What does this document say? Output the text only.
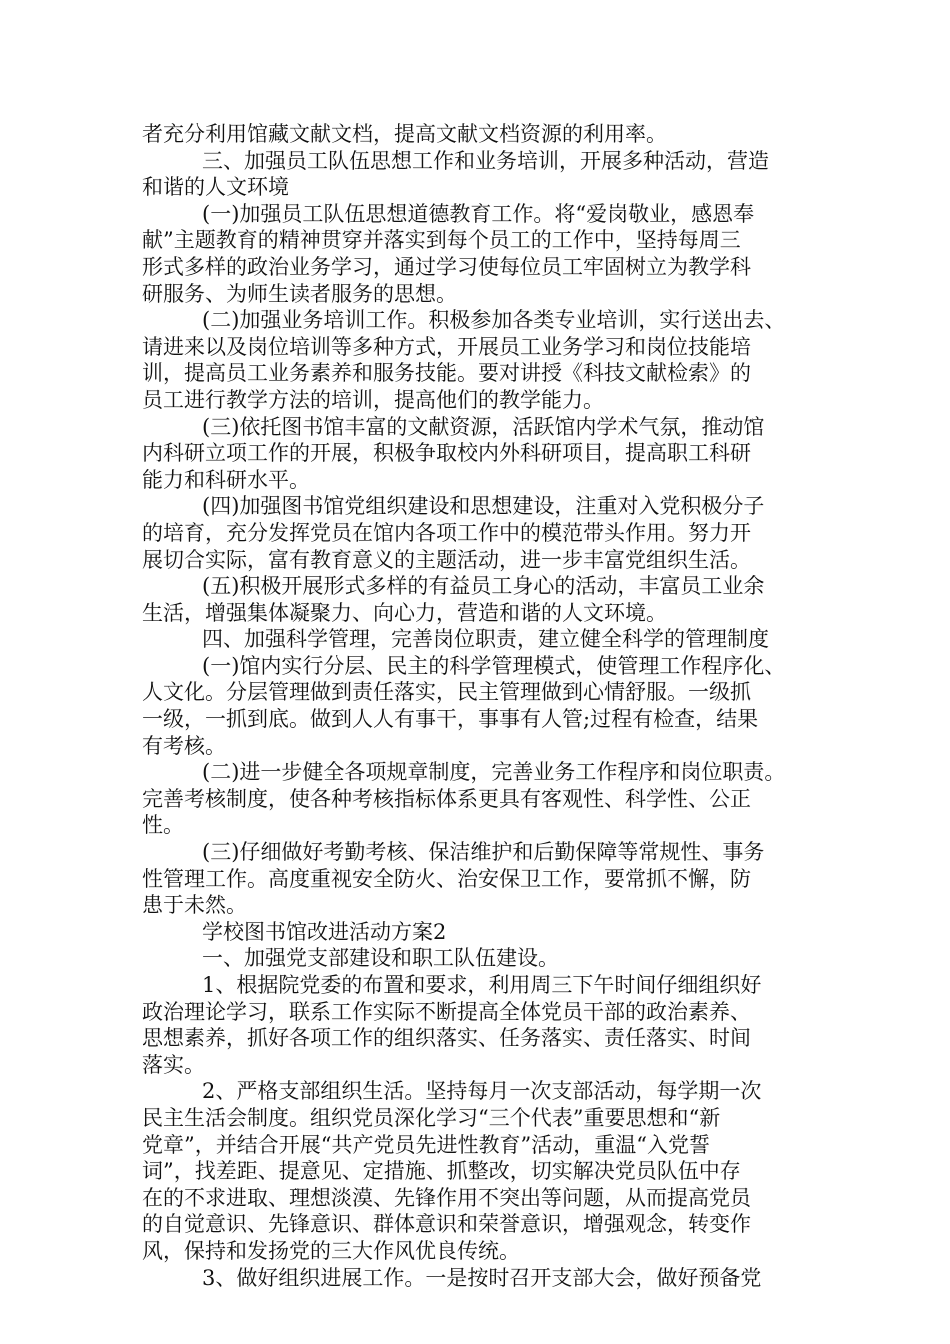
者充分利用馆藏文献文档，提高文献文档资源的利用率。
三、加强员工队伍思想工作和业务培训，开展多种活动，营造
和谐的人文环境
(一)加强员工队伍思想道德教育工作。将“爱岗敬业，感恩奉
献”主题教育的精神贯穿并落实到每个员工的工作中，坚持每周三
形式多样的政治业务学习，通过学习使每位员工牢固树立为教学科
研服务、为师生读者服务的思想。
(二)加强业务培训工作。积极参加各类专业培训，实行送出去、
请进来以及岗位培训等多种方式，开展员工业务学习和岗位技能培
训，提高员工业务素养和服务技能。要对讲授《科技文献检索》的
员工进行教学方法的培训，提高他们的教学能力。
(三)依托图书馆丰富的文献资源，活跃馆内学术气氛，推动馆
内科研立项工作的开展，积极争取校内外科研项目，提高职工科研
能力和科研水平。
(四)加强图书馆党组织建设和思想建设，注重对入党积极分子
的培育，充分发挥党员在馆内各项工作中的模范带头作用。努力开
展切合实际，富有教育意义的主题活动，进一步丰富党组织生活。
(五)积极开展形式多样的有益员工身心的活动，丰富员工业余
生活，增强集体凝聚力、向心力，营造和谐的人文环境。
四、加强科学管理，完善岗位职责，建立健全科学的管理制度
(一)馆内实行分层、民主的科学管理模式，使管理工作程序化、
人文化。分层管理做到责任落实，民主管理做到心情舒服。一级抓
一级，一抓到底。做到人人有事干，事事有人管;过程有检查，结果
有考核。
(二)进一步健全各项规章制度，完善业务工作程序和岗位职责。
完善考核制度，使各种考核指标体系更具有客观性、科学性、公正
性。
(三)仔细做好考勤考核、保洁维护和后勤保障等常规性、事务
性管理工作。高度重视安全防火、治安保卫工作，要常抓不懈，防
患于未然。
学校图书馆改进活动方案2
一、加强党支部建设和职工队伍建设。
1、根据院党委的布置和要求，利用周三下午时间仔细组织好
政治理论学习，联系工作实际不断提高全体党员干部的政治素养、
思想素养，抓好各项工作的组织落实、任务落实、责任落实、时间
落实。
2、严格支部组织生活。坚持每月一次支部活动，每学期一次
民主生活会制度。组织党员深化学习“三个代表”重要思想和“新
党章”，并结合开展“共产党员先进性教育”活动，重温“入党誓
词”，找差距、提意见、定措施、抓整改，切实解决党员队伍中存
在的不求进取、理想淡漠、先锋作用不突出等问题，从而提高党员
的自觉意识、先锋意识、群体意识和荣誉意识，增强观念，转变作
风，保持和发扬党的三大作风优良传统。
3、做好组织进展工作。一是按时召开支部大会，做好预备党
